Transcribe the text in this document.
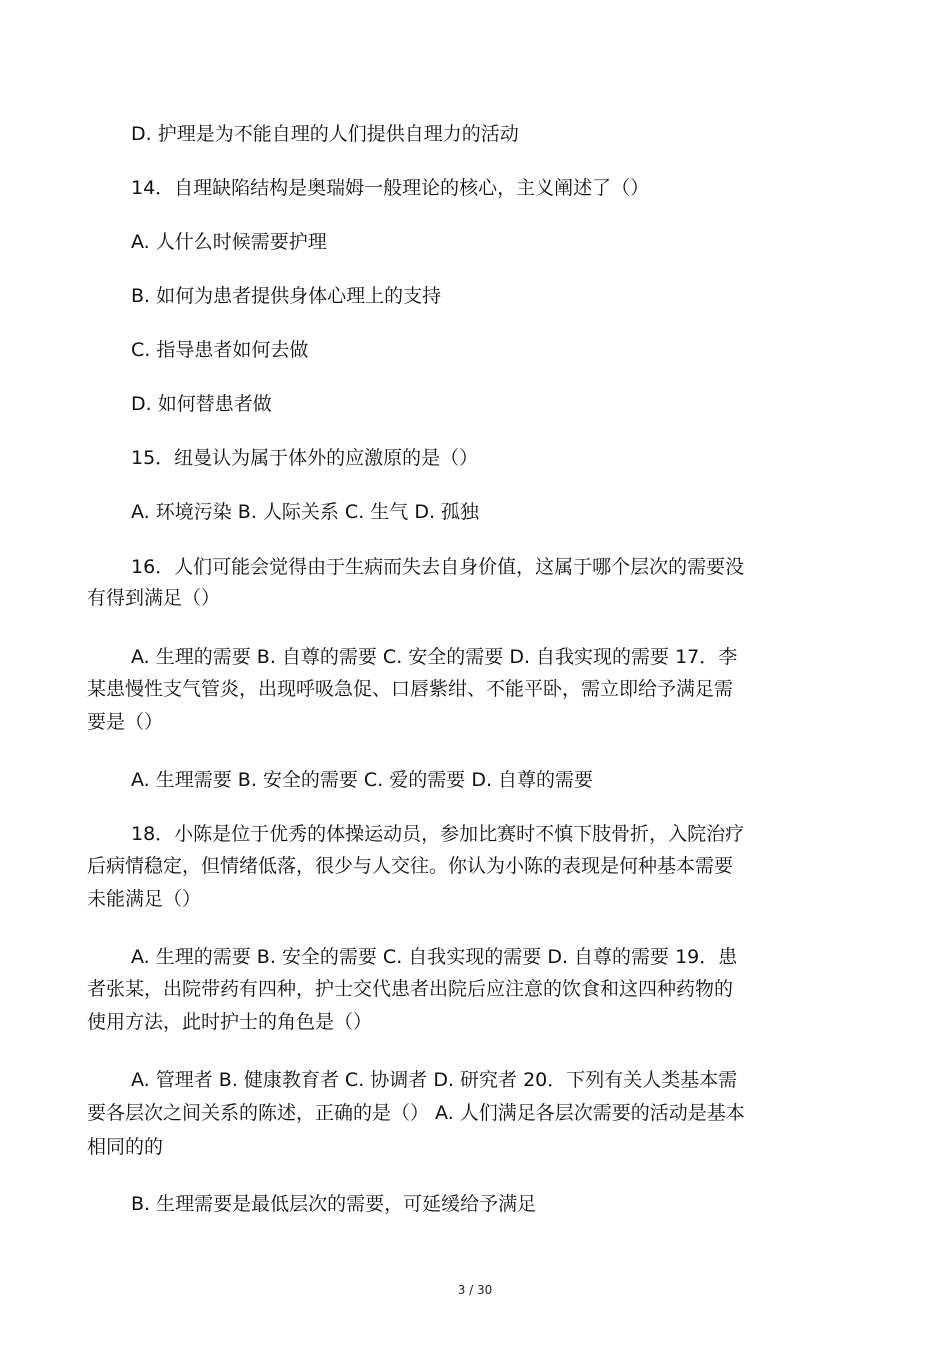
D. 护理是为不能自理的人们提供自理力的活动
14．自理缺陷结构是奥瑞姆一般理论的核心，主义阐述了（）
A. 人什么时候需要护理
B. 如何为患者提供身体心理上的支持
C. 指导患者如何去做
D. 如何替患者做
15．纽曼认为属于体外的应激原的是（）
A. 环境污染 B. 人际关系 C. 生气 D. 孤独
16．人们可能会觉得由于生病而失去自身价值，这属于哪个层次的需要没
有得到满足（）
A. 生理的需要 B. 自尊的需要 C. 安全的需要 D. 自我实现的需要 17．李
某患慢性支气管炎，出现呼吸急促、口唇紫绀、不能平卧，需立即给予满足需
要是（）
A. 生理需要 B. 安全的需要 C. 爱的需要 D. 自尊的需要
18．小陈是位于优秀的体操运动员，参加比赛时不慎下肢骨折，入院治疗
后病情稳定，但情绪低落，很少与人交往。你认为小陈的表现是何种基本需要
未能满足（）
A. 生理的需要 B. 安全的需要 C. 自我实现的需要 D. 自尊的需要 19．患
者张某，出院带药有四种，护士交代患者出院后应注意的饮食和这四种药物的
使用方法，此时护士的角色是（）
A. 管理者 B. 健康教育者 C. 协调者 D. 研究者 20．下列有关人类基本需
要各层次之间关系的陈述，正确的是（） A. 人们满足各层次需要的活动是基本
相同的的
B. 生理需要是最低层次的需要，可延缓给予满足
3 / 30
